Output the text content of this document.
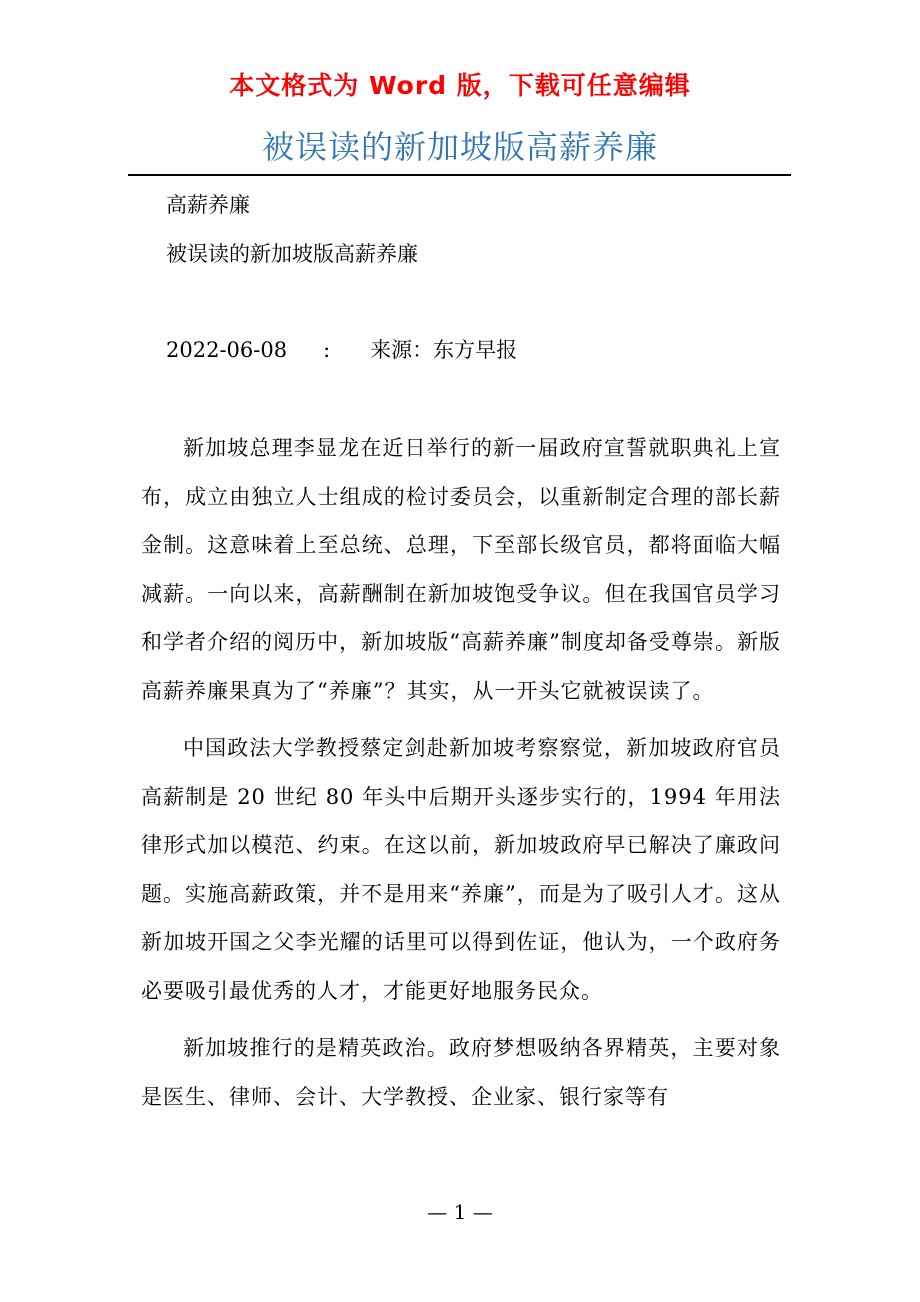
本文格式为 Word 版，下载可任意编辑
被误读的新加坡版高薪养廉
高薪养廉
被误读的新加坡版高薪养廉
2022-06-08 : 来源：东方早报

新加坡总理李显龙在近日举行的新一届政府宣誓就职典礼上宣布，成立由独立人士组成的检讨委员会，以重新制定合理的部长薪金制。这意味着上至总统、总理，下至部长级官员，都将面临大幅减薪。一向以来，高薪酬制在新加坡饱受争议。但在我国官员学习和学者介绍的阅历中，新加坡版“高薪养廉”制度却备受尊崇。新版高薪养廉果真为了“养廉”？其实，从一开头它就被误读了。

中国政法大学教授蔡定剑赴新加坡考察察觉，新加坡政府官员高薪制是 20 世纪 80 年头中后期开头逐步实行的，1994 年用法律形式加以模范、约束。在这以前，新加坡政府早已解决了廉政问题。实施高薪政策，并不是用来“养廉”，而是为了吸引人才。这从新加坡开国之父李光耀的话里可以得到佐证，他认为，一个政府务必要吸引最优秀的人才，才能更好地服务民众。

新加坡推行的是精英政治。政府梦想吸纳各界精英，主要对象是医生、律师、会计、大学教授、企业家、银行家等有

— 1 —
